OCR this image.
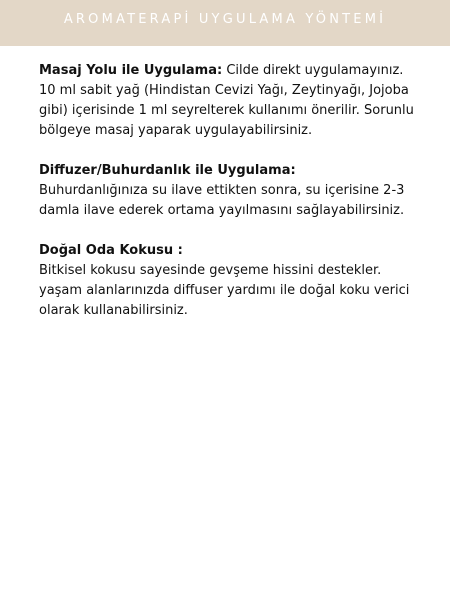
AROMATERAPİ UYGULAMA YÖNTEMİ

Masaj Yolu ile Uygulama: Cilde direkt uygulamayınız. 10 ml sabit yağ (Hindistan Cevizi Yağı, Zeytinyağı, Jojoba gibi) içerisinde 1 ml seyrelterek kullanımı önerilir. Sorunlu bölgeye masaj yaparak uygulayabilirsiniz.

Diffuzer/Buhurdanlık ile Uygulama:

Buhurdanlığınıza su ilave ettikten sonra, su içerisine 2-3 damla ilave ederek ortama yayılmasını sağlayabilirsiniz.

Doğal Oda Kokusu :

Bitkisel kokusu sayesinde gevşeme hissini destekler.

yaşam alanlarınızda diffuser yardımı ile doğal koku verici olarak kullanabilirsiniz.
